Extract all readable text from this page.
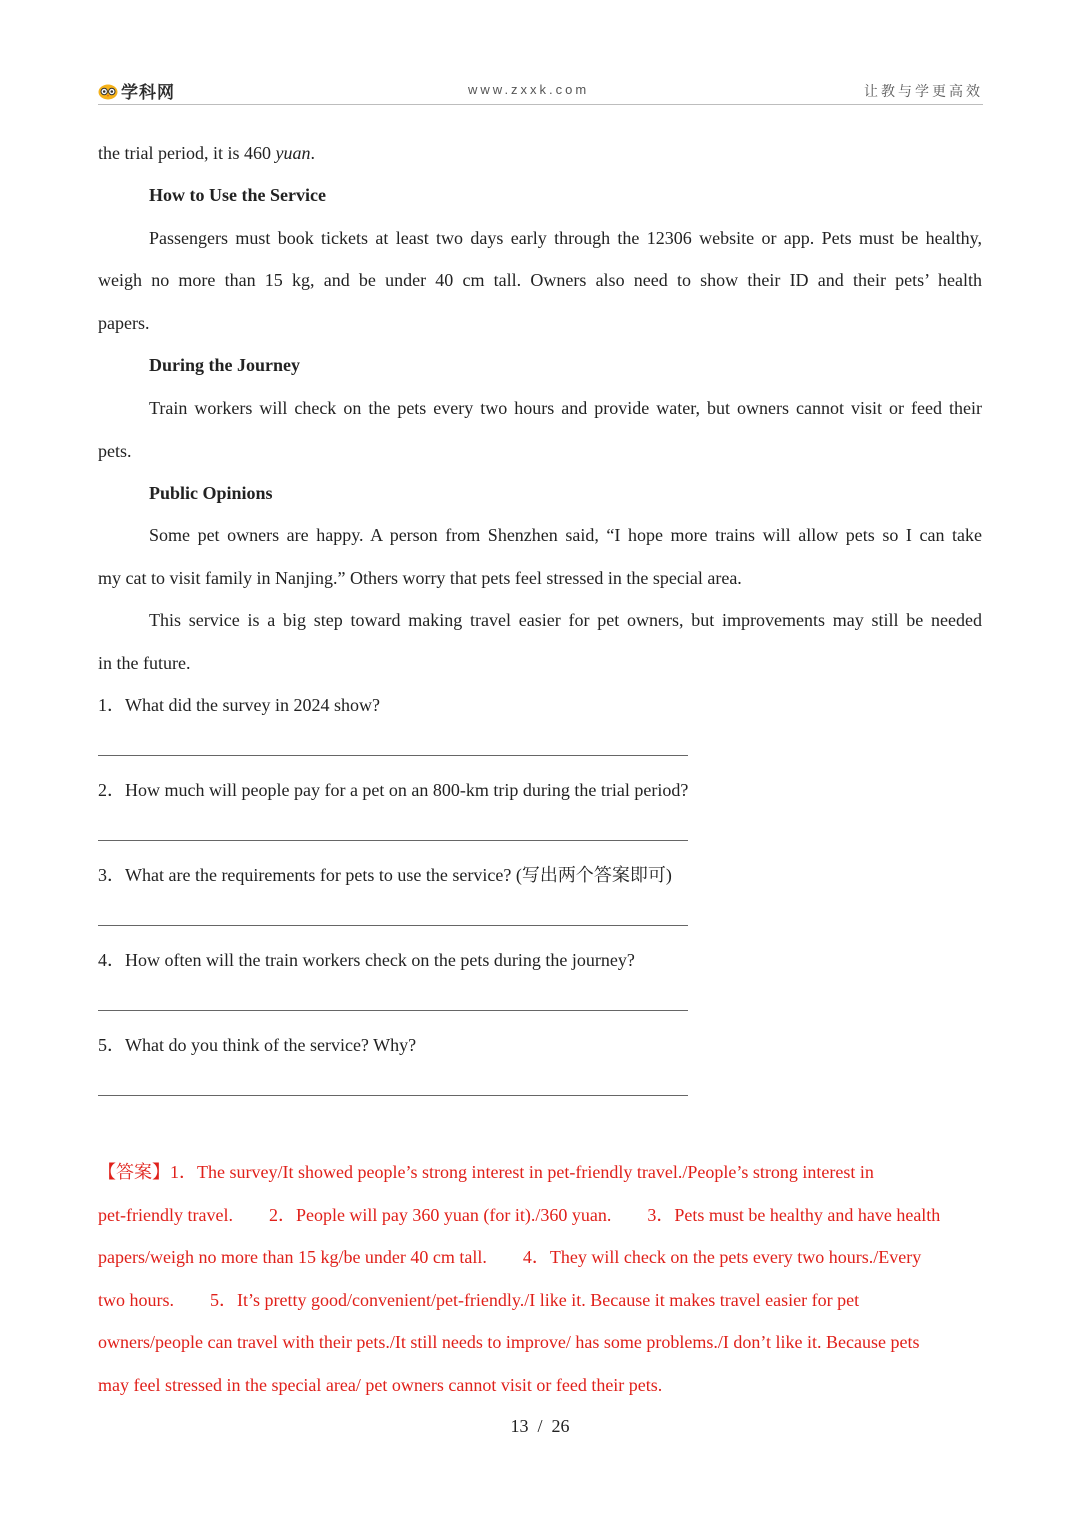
学科网	www.zxxk.com	让教与学更高效
the trial period, it is 460 yuan.
How to Use the Service
Passengers must book tickets at least two days early through the 12306 website or app. Pets must be healthy,
weigh no more than 15 kg, and be under 40 cm tall. Owners also need to show their ID and their pets’ health
papers.
During the Journey
Train workers will check on the pets every two hours and provide water, but owners cannot visit or feed their
pets.
Public Opinions
Some pet owners are happy. A person from Shenzhen said, “I hope more trains will allow pets so I can take
my cat to visit family in Nanjing.” Others worry that pets feel stressed in the special area.
This service is a big step toward making travel easier for pet owners, but improvements may still be needed
in the future.
1．What did the survey in 2024 show?
2．How much will people pay for a pet on an 800-km trip during the trial period?
3．What are the requirements for pets to use the service? (写出两个答案即可)
4．How often will the train workers check on the pets during the journey?
5．What do you think of the service? Why?
【答案】1．The survey/It showed people’s strong interest in pet-friendly travel./People’s strong interest in
pet-friendly travel.        2．People will pay 360 yuan (for it)./360 yuan.        3．Pets must be healthy and have health
papers/weigh no more than 15 kg/be under 40 cm tall.        4．They will check on the pets every two hours./Every
two hours.        5．It’s pretty good/convenient/pet-friendly./I like it. Because it makes travel easier for pet
owners/people can travel with their pets./It still needs to improve/ has some problems./I don’t like it. Because pets
may feel stressed in the special area/ pet owners cannot visit or feed their pets.
13  /  26
